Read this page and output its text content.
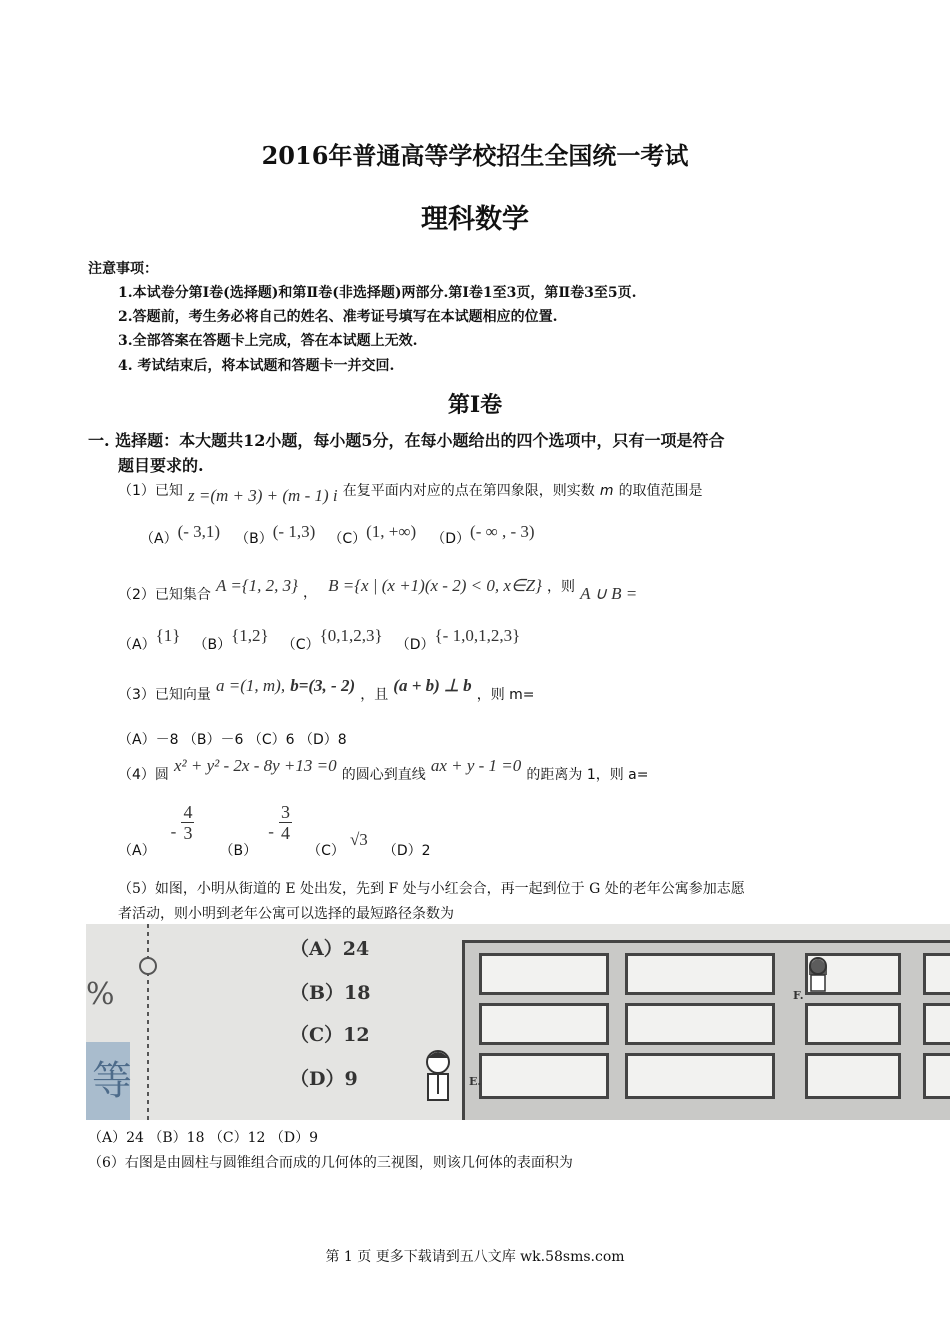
2016年普通高等学校招生全国统一考试
理科数学
注意事项：
1.本试卷分第Ⅰ卷(选择题)和第Ⅱ卷(非选择题)两部分.第Ⅰ卷1至3页，第Ⅱ卷3至5页.
2.答题前，考生务必将自己的姓名、准考证号填写在本试题相应的位置.
3.全部答案在答题卡上完成，答在本试题上无效.
4. 考试结束后，将本试题和答题卡一并交回.
第Ⅰ卷
一. 选择题：本大题共12小题，每小题5分，在每小题给出的四个选项中，只有一项是符合
题目要求的.
（1）已知 z =(m + 3) + (m - 1) i 在复平面内对应的点在第四象限，则实数 m 的取值范围是
（A）(- 3,1) （B）(- 1,3) （C）(1, +∞) （D）(- ∞ , - 3)
（2）已知集合 A ={1, 2, 3} ， B ={x | (x +1)(x - 2) < 0, x∈Z} ，则 A ∪ B =
（A）{1} （B）{1,2} （C）{0,1,2,3} （D）{- 1,0,1,2,3}
（3）已知向量 a =(1, m), b=(3, - 2) ，且 (a + b) ⊥ b ，则 m=
（A）－8 （B）－6 （C）6 （D）8
（4）圆 x² + y² - 2x - 8y +13 =0 的圆心到直线 ax + y - 1 =0 的距离为 1，则 a=
$(A) - \frac{4}{3}$
$(B) - \frac{3}{4}$
（C） √3 （D）2
（5）如图，小明从街道的 E 处出发，先到 F 处与小红会合，再一起到位于 G 处的老年公寓参加志愿
者活动，则小明到老年公寓可以选择的最短路径条数为
等
%
（A）24
（B）18
（C）12
（D）9	E.
F.
（A）24 （B）18 （C）12 （D）9
（6）右图是由圆柱与圆锥组合而成的几何体的三视图，则该几何体的表面积为
第 1 页 更多下载请到五八文库 wk.58sms.com
